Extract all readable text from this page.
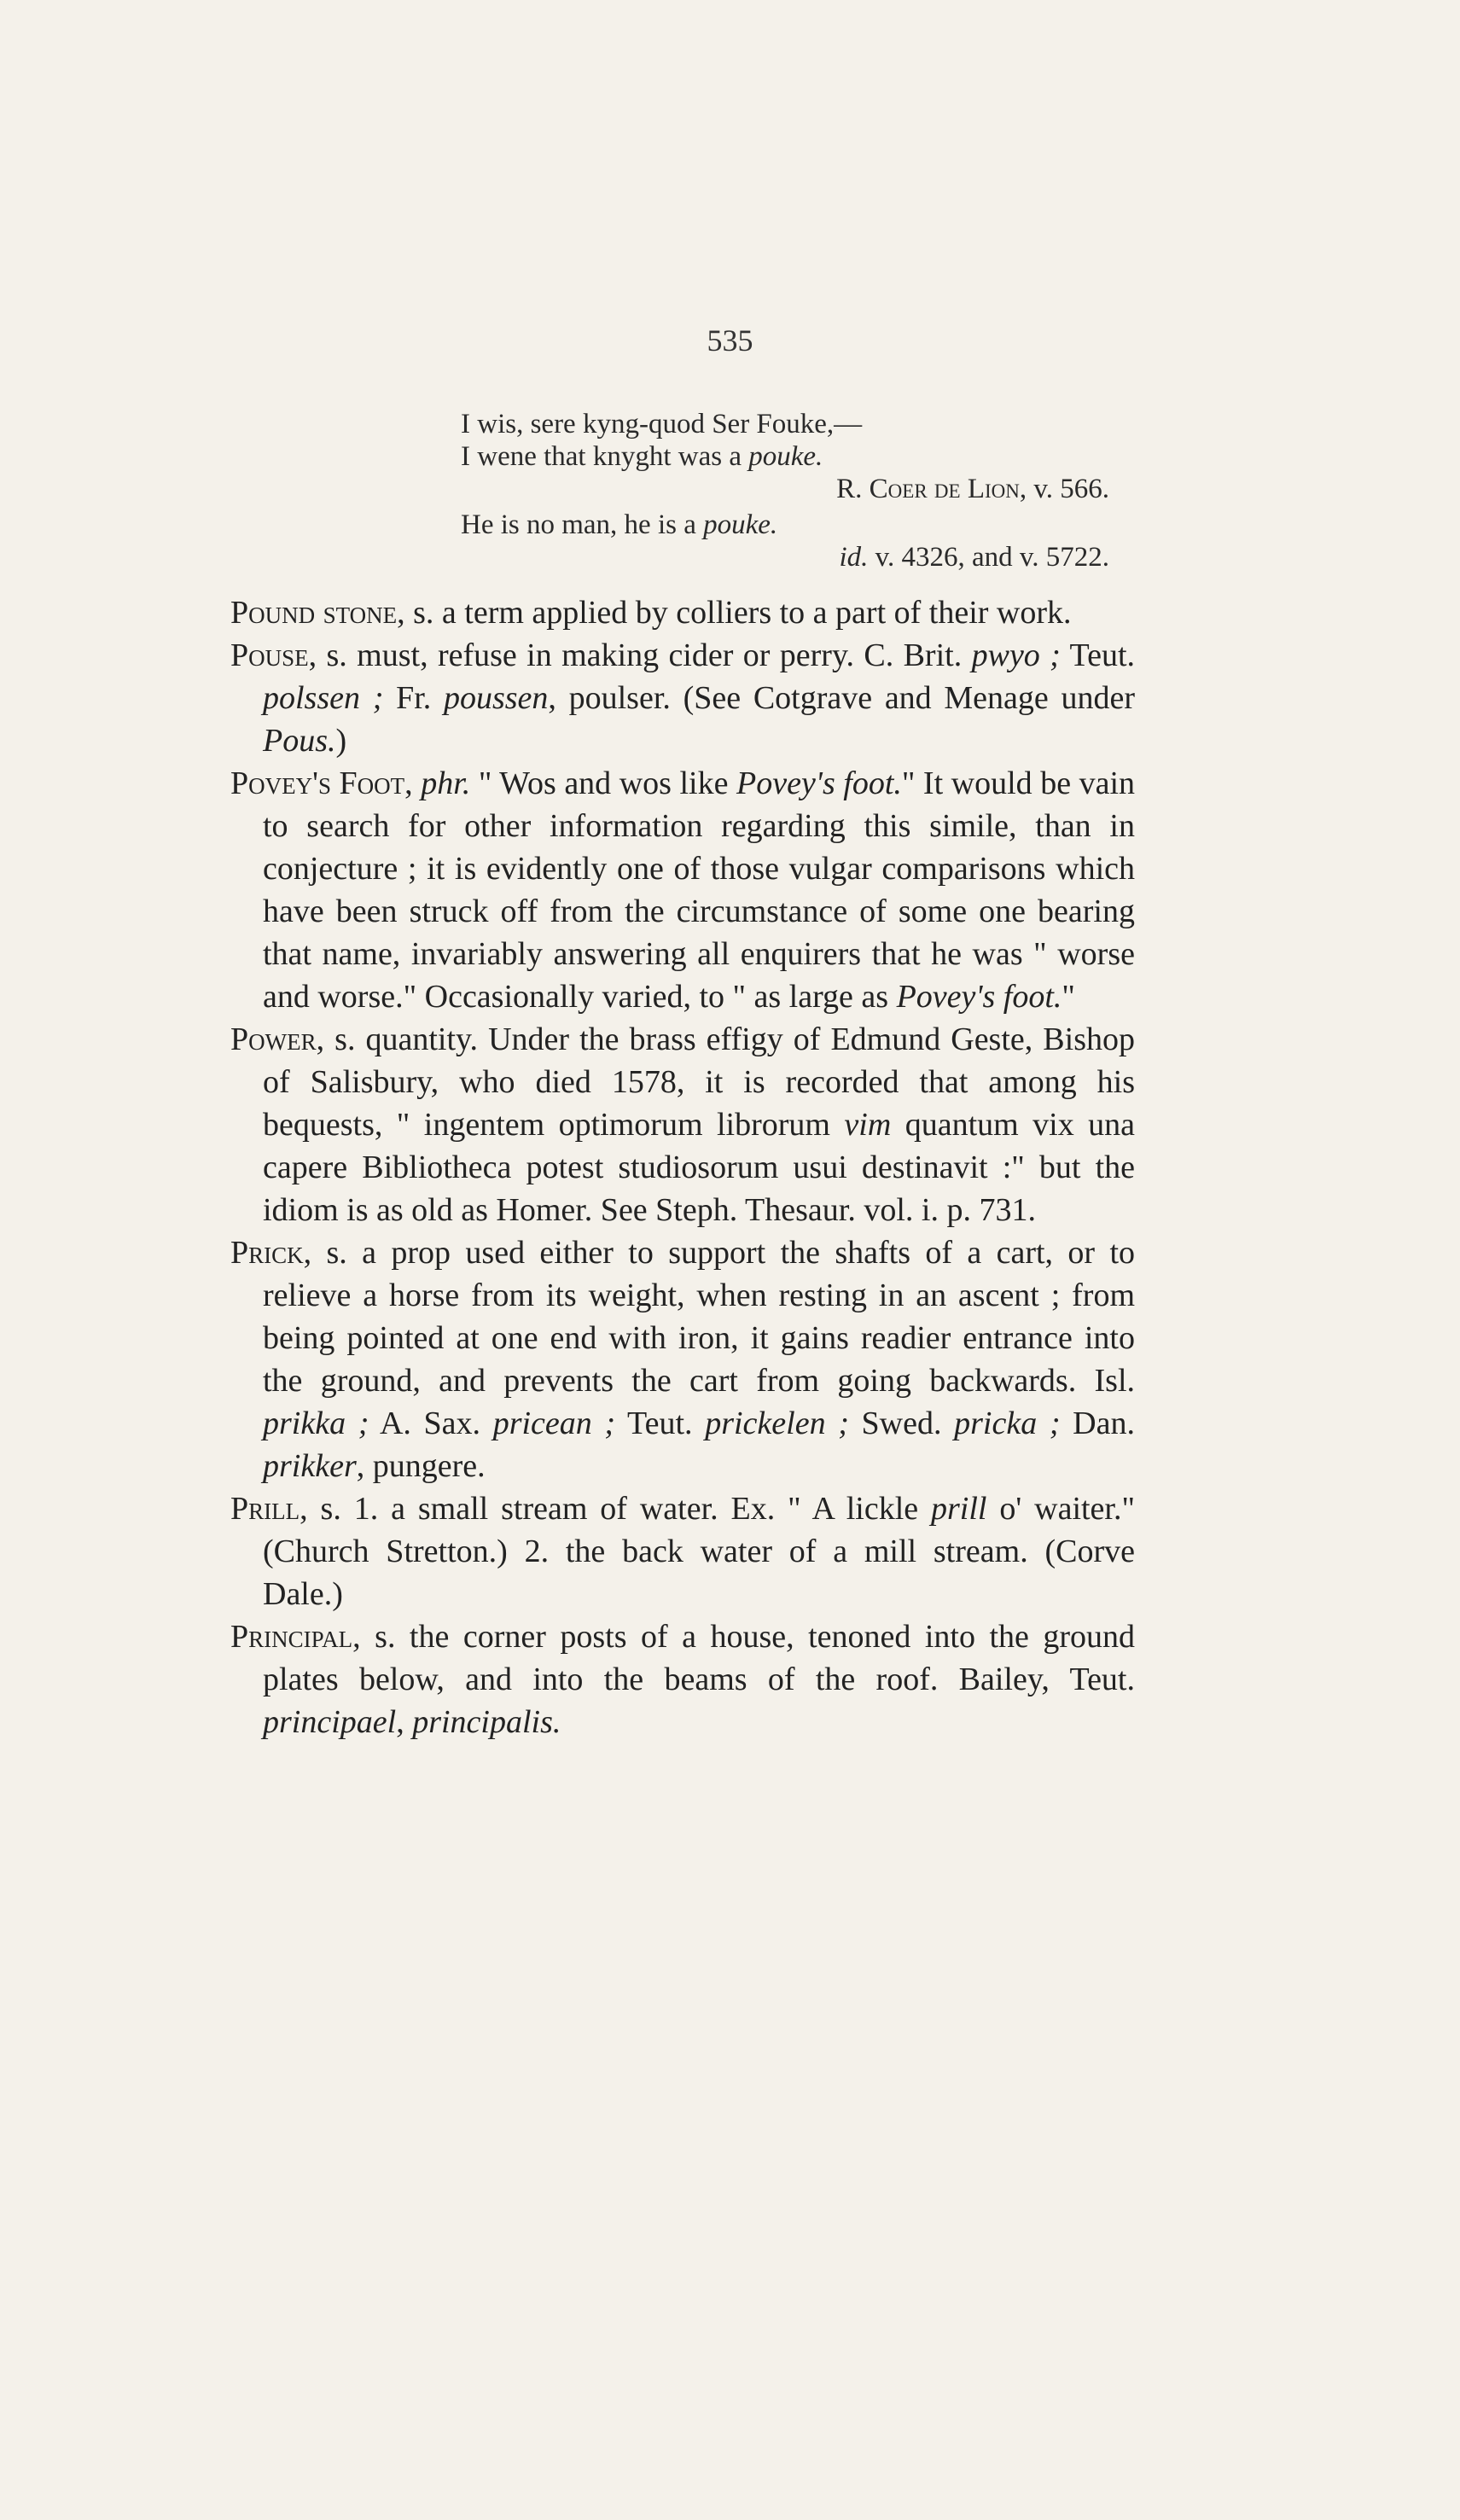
535
I wis, sere kyng-quod Ser Fouke,—
I wene that knyght was a pouke.
R. Coer de Lion, v. 566.
He is no man, he is a pouke.
id. v. 4326, and v. 5722.

Pound stone, s. a term applied by colliers to a part of their work.

Pouse, s. must, refuse in making cider or perry. C. Brit. pwyo ; Teut. polssen ; Fr. poussen, poulser. (See Cotgrave and Menage under Pous.)

Povey's Foot, phr. " Wos and wos like Povey's foot." It would be vain to search for other information regarding this simile, than in conjecture ; it is evidently one of those vulgar comparisons which have been struck off from the circumstance of some one bearing that name, invariably answering all enquirers that he was " worse and worse." Occasionally varied, to " as large as Povey's foot."

Power, s. quantity. Under the brass effigy of Edmund Geste, Bishop of Salisbury, who died 1578, it is recorded that among his bequests, " ingentem optimorum librorum vim quantum vix una capere Bibliotheca potest studiosorum usui destinavit :" but the idiom is as old as Homer. See Steph. Thesaur. vol. i. p. 731.

Prick, s. a prop used either to support the shafts of a cart, or to relieve a horse from its weight, when resting in an ascent ; from being pointed at one end with iron, it gains readier entrance into the ground, and prevents the cart from going backwards. Isl. prikka ; A. Sax. pricean ; Teut. prickelen ; Swed. pricka ; Dan. prikker, pungere.

Prill, s. 1. a small stream of water. Ex. " A lickle prill o' waiter." (Church Stretton.) 2. the back water of a mill stream. (Corve Dale.)

Principal, s. the corner posts of a house, tenoned into the ground plates below, and into the beams of the roof. Bailey, Teut. principael, principalis.
